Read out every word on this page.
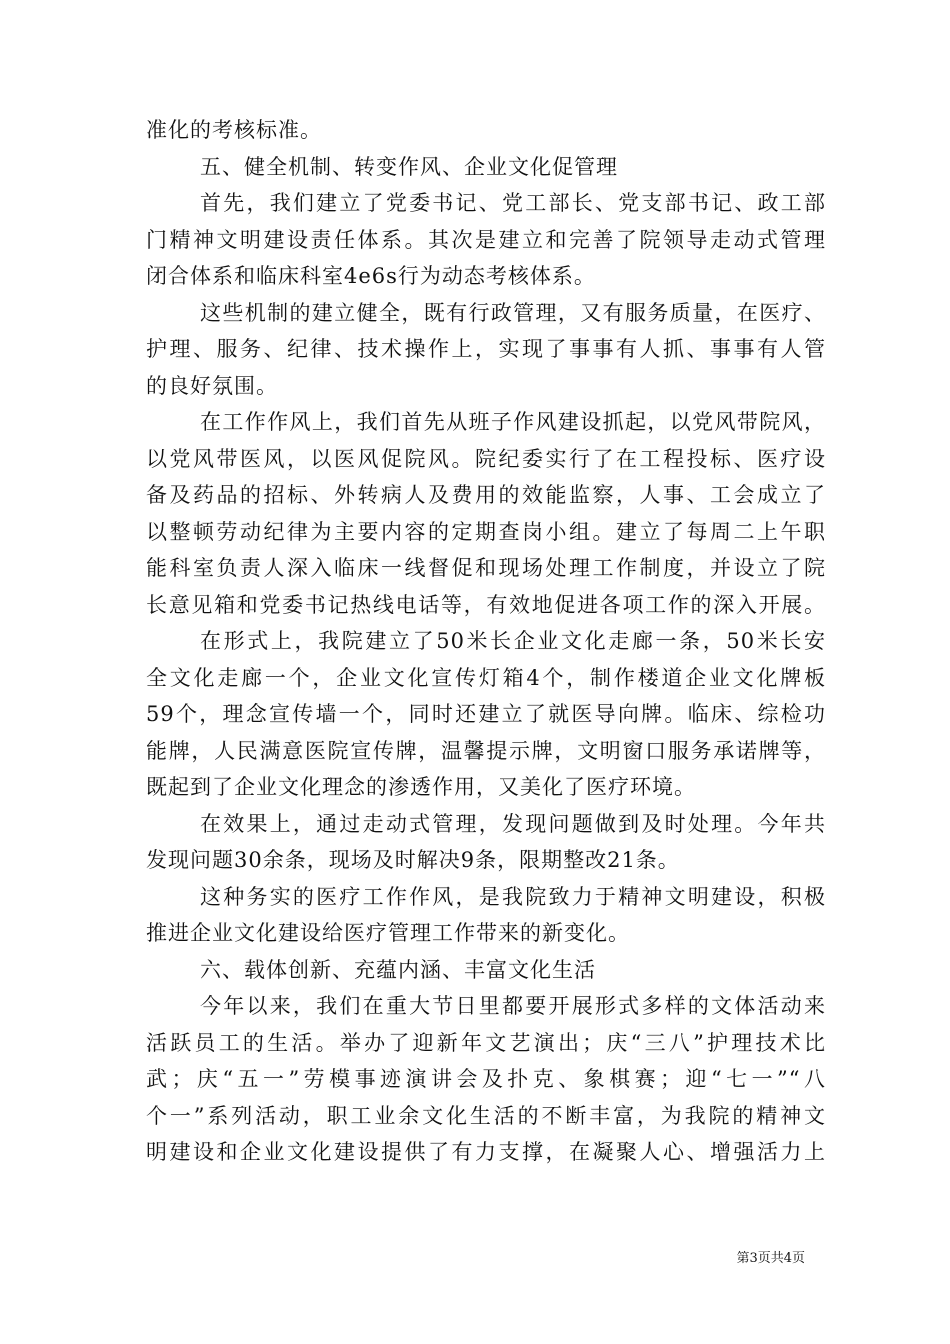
准化的考核标准。
五、健全机制、转变作风、企业文化促管理
首先，我们建立了党委书记、党工部长、党支部书记、政工部
门精神文明建设责任体系。其次是建立和完善了院领导走动式管理
闭合体系和临床科室4e6s行为动态考核体系。
这些机制的建立健全，既有行政管理，又有服务质量，在医疗、
护理、服务、纪律、技术操作上，实现了事事有人抓、事事有人管
的良好氛围。
在工作作风上，我们首先从班子作风建设抓起，以党风带院风，
以党风带医风，以医风促院风。院纪委实行了在工程投标、医疗设
备及药品的招标、外转病人及费用的效能监察，人事、工会成立了
以整顿劳动纪律为主要内容的定期查岗小组。建立了每周二上午职
能科室负责人深入临床一线督促和现场处理工作制度，并设立了院
长意见箱和党委书记热线电话等，有效地促进各项工作的深入开展。
在形式上，我院建立了50米长企业文化走廊一条，50米长安
全文化走廊一个，企业文化宣传灯箱4个，制作楼道企业文化牌板
59个，理念宣传墙一个，同时还建立了就医导向牌。临床、综检功
能牌，人民满意医院宣传牌，温馨提示牌，文明窗口服务承诺牌等，
既起到了企业文化理念的渗透作用，又美化了医疗环境。
在效果上，通过走动式管理，发现问题做到及时处理。今年共
发现问题30余条，现场及时解决9条，限期整改21条。
这种务实的医疗工作作风，是我院致力于精神文明建设，积极
推进企业文化建设给医疗管理工作带来的新变化。
六、载体创新、充蕴内涵、丰富文化生活
今年以来，我们在重大节日里都要开展形式多样的文体活动来
活跃员工的生活。举办了迎新年文艺演出；庆“三八”护理技术比
武；庆“五一”劳模事迹演讲会及扑克、象棋赛；迎“七一”“八
个一”系列活动，职工业余文化生活的不断丰富，为我院的精神文
明建设和企业文化建设提供了有力支撑，在凝聚人心、增强活力上
第3页共4页
